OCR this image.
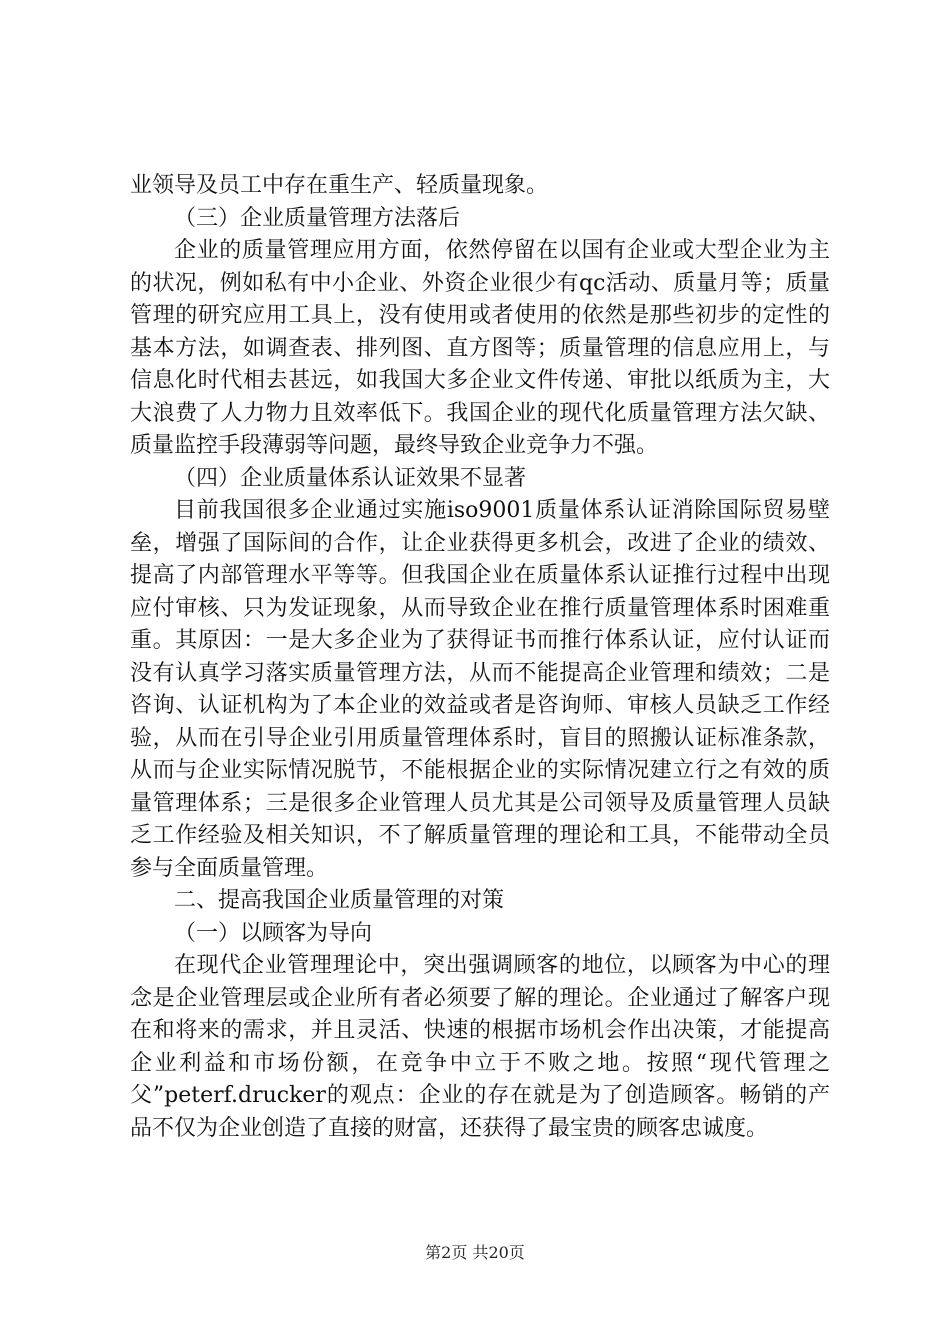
业领导及员工中存在重生产、轻质量现象。

（三）企业质量管理方法落后

企业的质量管理应用方面，依然停留在以国有企业或大型企业为主的状况，例如私有中小企业、外资企业很少有qc活动、质量月等；质量管理的研究应用工具上，没有使用或者使用的依然是那些初步的定性的基本方法，如调查表、排列图、直方图等；质量管理的信息应用上，与信息化时代相去甚远，如我国大多企业文件传递、审批以纸质为主，大大浪费了人力物力且效率低下。我国企业的现代化质量管理方法欠缺、质量监控手段薄弱等问题，最终导致企业竞争力不强。

（四）企业质量体系认证效果不显著

目前我国很多企业通过实施iso9001质量体系认证消除国际贸易壁垒，增强了国际间的合作，让企业获得更多机会，改进了企业的绩效、提高了内部管理水平等等。但我国企业在质量体系认证推行过程中出现应付审核、只为发证现象，从而导致企业在推行质量管理体系时困难重重。其原因：一是大多企业为了获得证书而推行体系认证，应付认证而没有认真学习落实质量管理方法，从而不能提高企业管理和绩效；二是咨询、认证机构为了本企业的效益或者是咨询师、审核人员缺乏工作经验，从而在引导企业引用质量管理体系时，盲目的照搬认证标准条款，从而与企业实际情况脱节，不能根据企业的实际情况建立行之有效的质量管理体系；三是很多企业管理人员尤其是公司领导及质量管理人员缺乏工作经验及相关知识，不了解质量管理的理论和工具，不能带动全员参与全面质量管理。

二、提高我国企业质量管理的对策

（一）以顾客为导向

在现代企业管理理论中，突出强调顾客的地位，以顾客为中心的理念是企业管理层或企业所有者必须要了解的理论。企业通过了解客户现在和将来的需求，并且灵活、快速的根据市场机会作出决策，才能提高企业利益和市场份额，在竞争中立于不败之地。按照“现代管理之父”peterf.drucker的观点：企业的存在就是为了创造顾客。畅销的产品不仅为企业创造了直接的财富，还获得了最宝贵的顾客忠诚度。

第2页 共20页
